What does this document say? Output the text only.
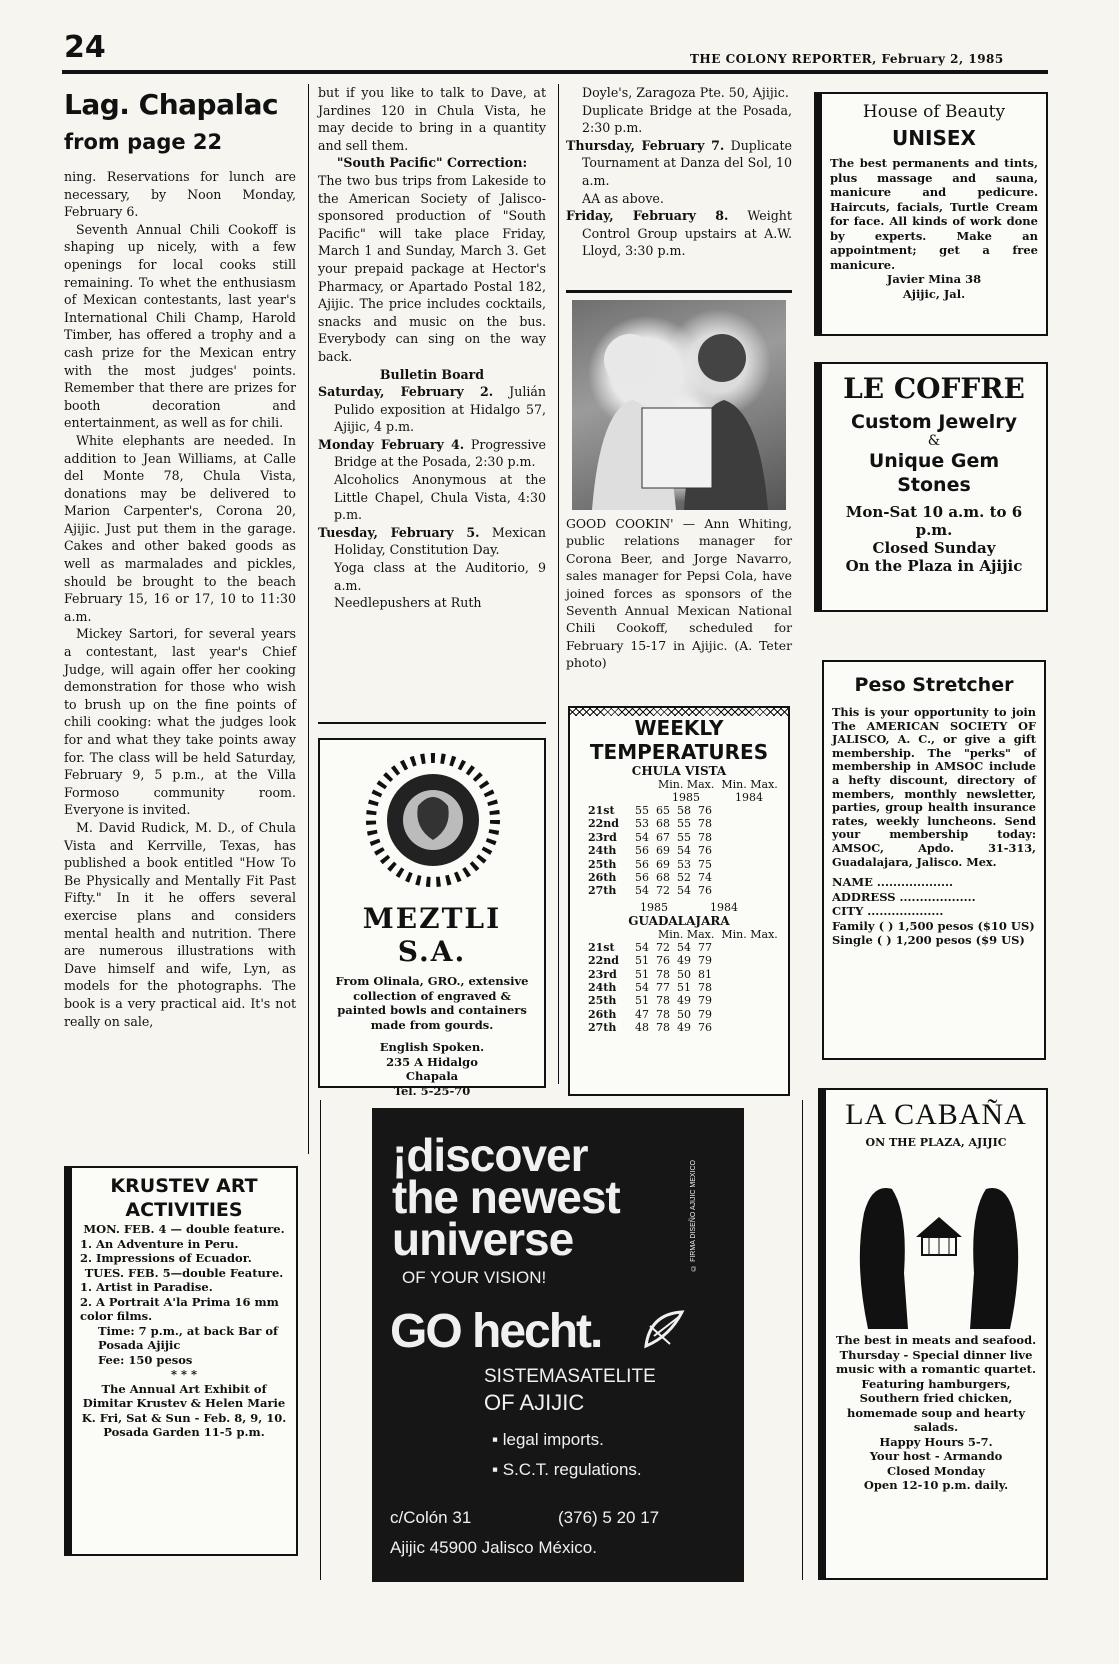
24	THE COLONY REPORTER, February 2, 1985
Lag. Chapalac
from page 22

ning. Reservations for lunch are necessary, by Noon Monday, February 6.

Seventh Annual Chili Cookoff is shaping up nicely, with a few openings for local cooks still remaining. To whet the enthusiasm of Mexican contestants, last year's International Chili Champ, Harold Timber, has offered a trophy and a cash prize for the Mexican entry with the most judges' points. Remember that there are prizes for booth decoration and entertainment, as well as for chili.

White elephants are needed. In addition to Jean Williams, at Calle del Monte 78, Chula Vista, donations may be delivered to Marion Carpenter's, Corona 20, Ajijic. Just put them in the garage. Cakes and other baked goods as well as marmalades and pickles, should be brought to the beach February 15, 16 or 17, 10 to 11:30 a.m.

Mickey Sartori, for several years a contestant, last year's Chief Judge, will again offer her cooking demonstration for those who wish to brush up on the fine points of chili cooking: what the judges look for and what they take points away for. The class will be held Saturday, February 9, 5 p.m., at the Villa Formoso community room. Everyone is invited.

M. David Rudick, M. D., of Chula Vista and Kerrville, Texas, has published a book entitled "How To Be Physically and Mentally Fit Past Fifty." In it he offers several exercise plans and considers mental health and nutrition. There are numerous illustrations with Dave himself and wife, Lyn, as models for the photographs. The book is a very practical aid. It's not really on sale,

but if you like to talk to Dave, at Jardines 120 in Chula Vista, he may decide to bring in a quantity and sell them.

"South Pacific" Correction:

The two bus trips from Lakeside to the American Society of Jalisco-sponsored production of "South Pacific" will take place Friday, March 1 and Sunday, March 3. Get your prepaid package at Hector's Pharmacy, or Apartado Postal 182, Ajijic. The price includes cocktails, snacks and music on the bus. Everybody can sing on the way back.

Bulletin Board

Saturday, February 2. Julián Pulido exposition at Hidalgo 57, Ajijic, 4 p.m.

Monday February 4. Progressive Bridge at the Posada, 2:30 p.m.

Alcoholics Anonymous at the Little Chapel, Chula Vista, 4:30 p.m.

Tuesday, February 5. Mexican Holiday, Constitution Day.

Yoga class at the Auditorio, 9 a.m.

Needlepushers at Ruth

Doyle's, Zaragoza Pte. 50, Ajijic.

Duplicate Bridge at the Posada, 2:30 p.m.

Thursday, February 7. Duplicate Tournament at Danza del Sol, 10 a.m.

AA as above.

Friday, February 8. Weight Control Group upstairs at A.W. Lloyd, 3:30 p.m.

GOOD COOKIN' — Ann Whiting, public relations manager for Corona Beer, and Jorge Navarro, sales manager for Pepsi Cola, have joined forces as sponsors of the Seventh Annual Mexican National Chili Cookoff, scheduled for February 15-17 in Ajijic. (A. Teter photo)
WEEKLY TEMPERATURES
CHULA VISTA
Min. Max. Min. Max.
1985	1984
21st	55	65	58	76
22nd	53	68	55	78
23rd	54	67	55	78
24th	56	69	54	76
25th	56	69	53	75
26th	56	68	52	74
27th	54	72	54	76
1985	1984
GUADALAJARA
Min. Max. Min. Max.
21st	54	72	54	77
22nd	51	76	49	79
23rd	51	78	50	81
24th	54	77	51	78
25th	51	78	49	79
26th	47	78	50	79
27th	48	78	49	76
KRUSTEV ART ACTIVITIES
MON. FEB. 4 — double feature.
1. An Adventure in Peru.
2. Impressions of Ecuador.
TUES. FEB. 5—double Feature.
1. Artist in Paradise.
2. A Portrait A'la Prima 16 mm color films.
Time: 7 p.m., at back Bar of Posada Ajijic
Fee: 150 pesos
* * *
The Annual Art Exhibit of Dimitar Krustev & Helen Marie K. Fri, Sat & Sun - Feb. 8, 9, 10. Posada Garden 11-5 p.m.
MEZTLI S.A.
From Olinala, GRO., extensive collection of engraved & painted bowls and containers made from gourds.
English Spoken.
235 A Hidalgo
Chapala
Tel. 5-25-70
House of Beauty
UNISEX
The best permanents and tints, plus massage and sauna, manicure and pedicure. Haircuts, facials, Turtle Cream for face. All kinds of work done by experts. Make an appointment; get a free manicure.
Javier Mina 38
Ajijic, Jal.
LE COFFRE
Custom Jewelry
&
Unique Gem Stones
Mon-Sat 10 a.m. to 6 p.m.
Closed Sunday
On the Plaza in Ajijic
Peso Stretcher
This is your opportunity to join The AMERICAN SOCIETY OF JALISCO, A. C., or give a gift membership. The "perks" of membership in AMSOC include a hefty discount, directory of members, monthly newsletter, parties, group health insurance rates, weekly luncheons. Send your membership today: AMSOC, Apdo. 31-313, Guadalajara, Jalisco. Mex.
NAME ...................
ADDRESS ...................
CITY ...................
Family ( ) 1,500 pesos ($10 US)
Single ( ) 1,200 pesos ($9 US)
¡discover
the newest
universe
OF YOUR VISION!
GO hecht.
SISTEMASATELITE
OF AJIJIC
▪ legal imports.
▪ S.C.T. regulations.
c/Colón 31	(376) 5 20 17
Ajijic 45900 Jalisco México.
© FIRMA DISEÑO AJIJIC MEXICO
LA CABAÑA
ON THE PLAZA, AJIJIC
The best in meats and seafood. Thursday - Special dinner live music with a romantic quartet. Featuring hamburgers, Southern fried chicken, homemade soup and hearty salads.
Happy Hours 5-7.
Your host - Armando
Closed Monday
Open 12-10 p.m. daily.
